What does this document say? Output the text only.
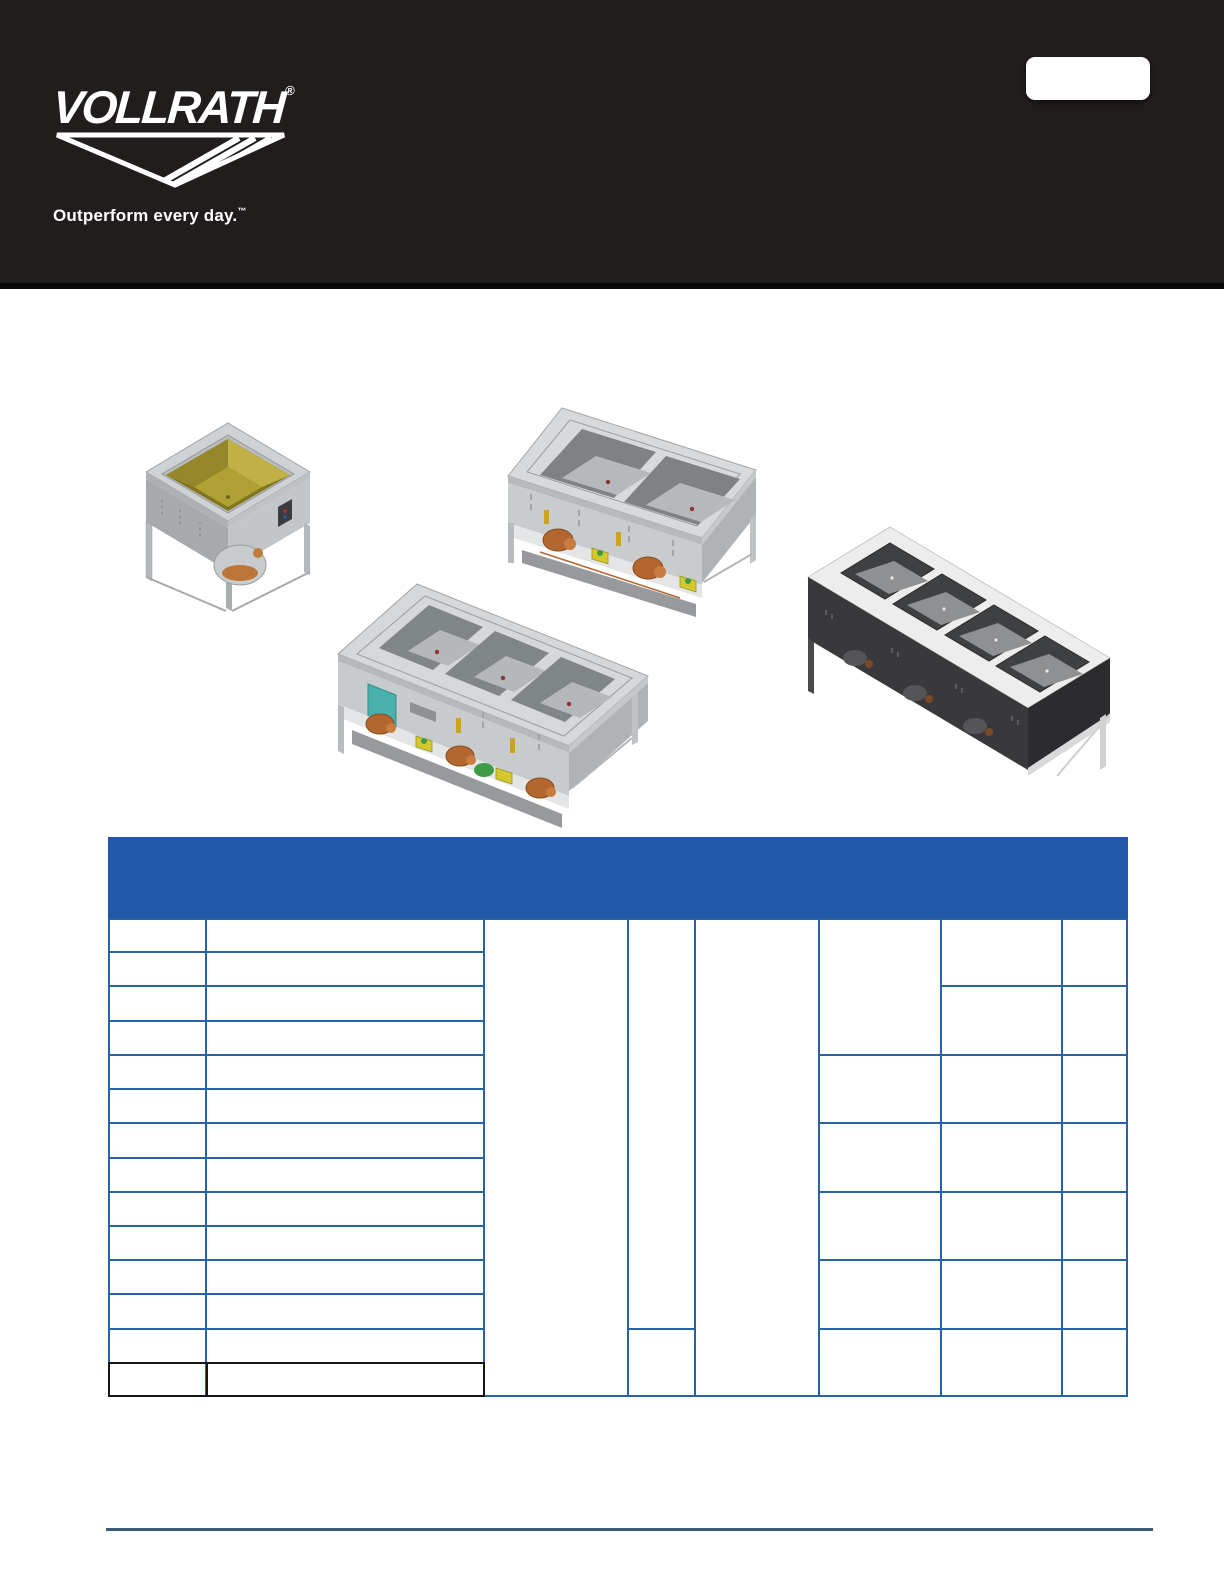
VOLLRATH®
Outperform every day.™
